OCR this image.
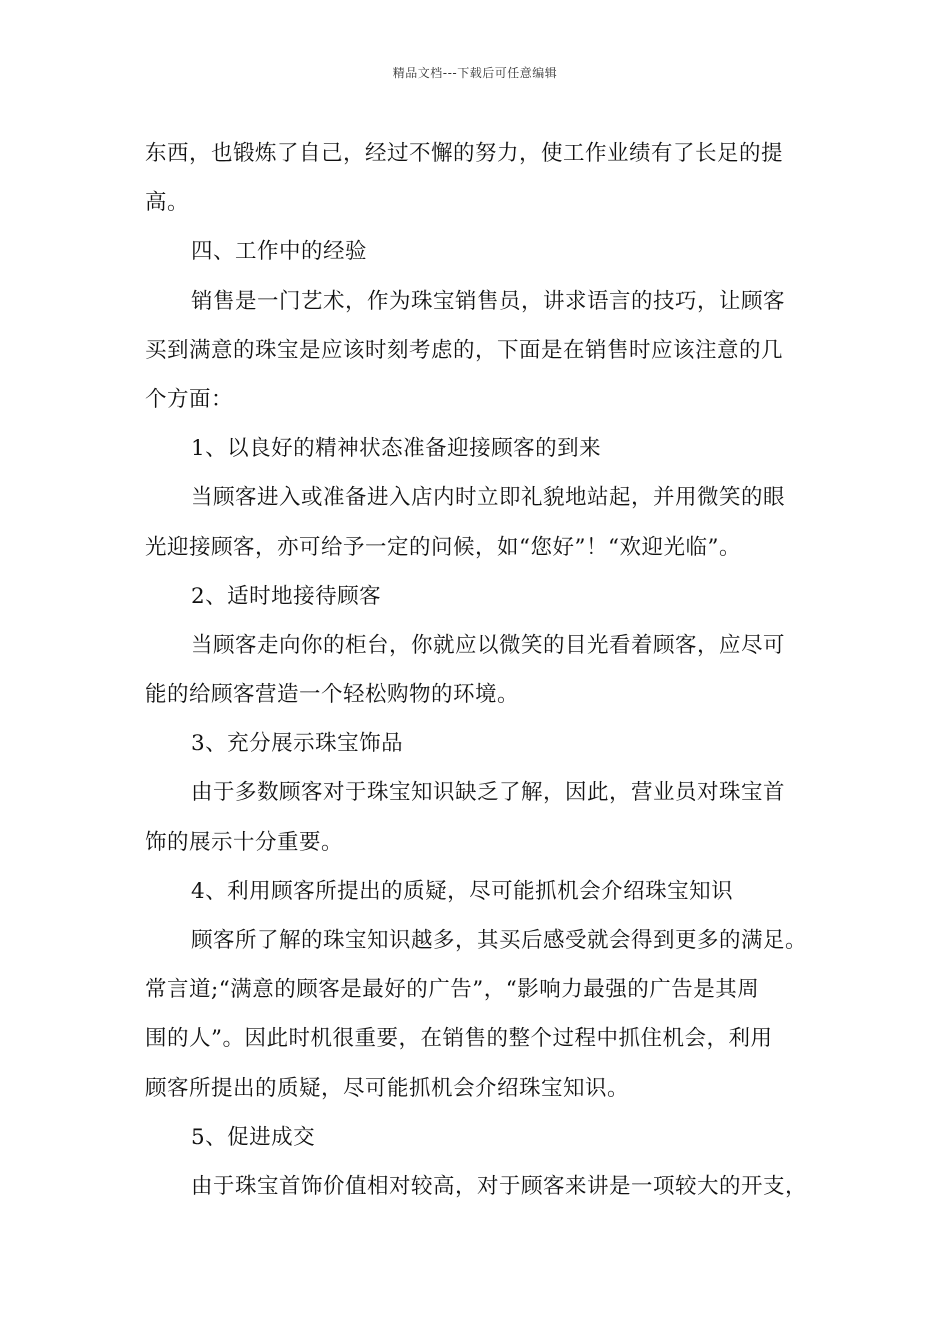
精品文档---下载后可任意编辑
东西，也锻炼了自己，经过不懈的努力，使工作业绩有了长足的提
高。
四、工作中的经验
销售是一门艺术，作为珠宝销售员，讲求语言的技巧，让顾客
买到满意的珠宝是应该时刻考虑的，下面是在销售时应该注意的几
个方面：
1、以良好的精神状态准备迎接顾客的到来
当顾客进入或准备进入店内时立即礼貌地站起，并用微笑的眼
光迎接顾客，亦可给予一定的问候，如“您好”！“欢迎光临”。
2、适时地接待顾客
当顾客走向你的柜台，你就应以微笑的目光看着顾客，应尽可
能的给顾客营造一个轻松购物的环境。
3、充分展示珠宝饰品
由于多数顾客对于珠宝知识缺乏了解，因此，营业员对珠宝首
饰的展示十分重要。
4、利用顾客所提出的质疑，尽可能抓机会介绍珠宝知识
顾客所了解的珠宝知识越多，其买后感受就会得到更多的满足。
常言道;“满意的顾客是最好的广告”，“影响力最强的广告是其周
围的人”。因此时机很重要，在销售的整个过程中抓住机会，利用
顾客所提出的质疑，尽可能抓机会介绍珠宝知识。
5、促进成交
由于珠宝首饰价值相对较高，对于顾客来讲是一项较大的开支，
